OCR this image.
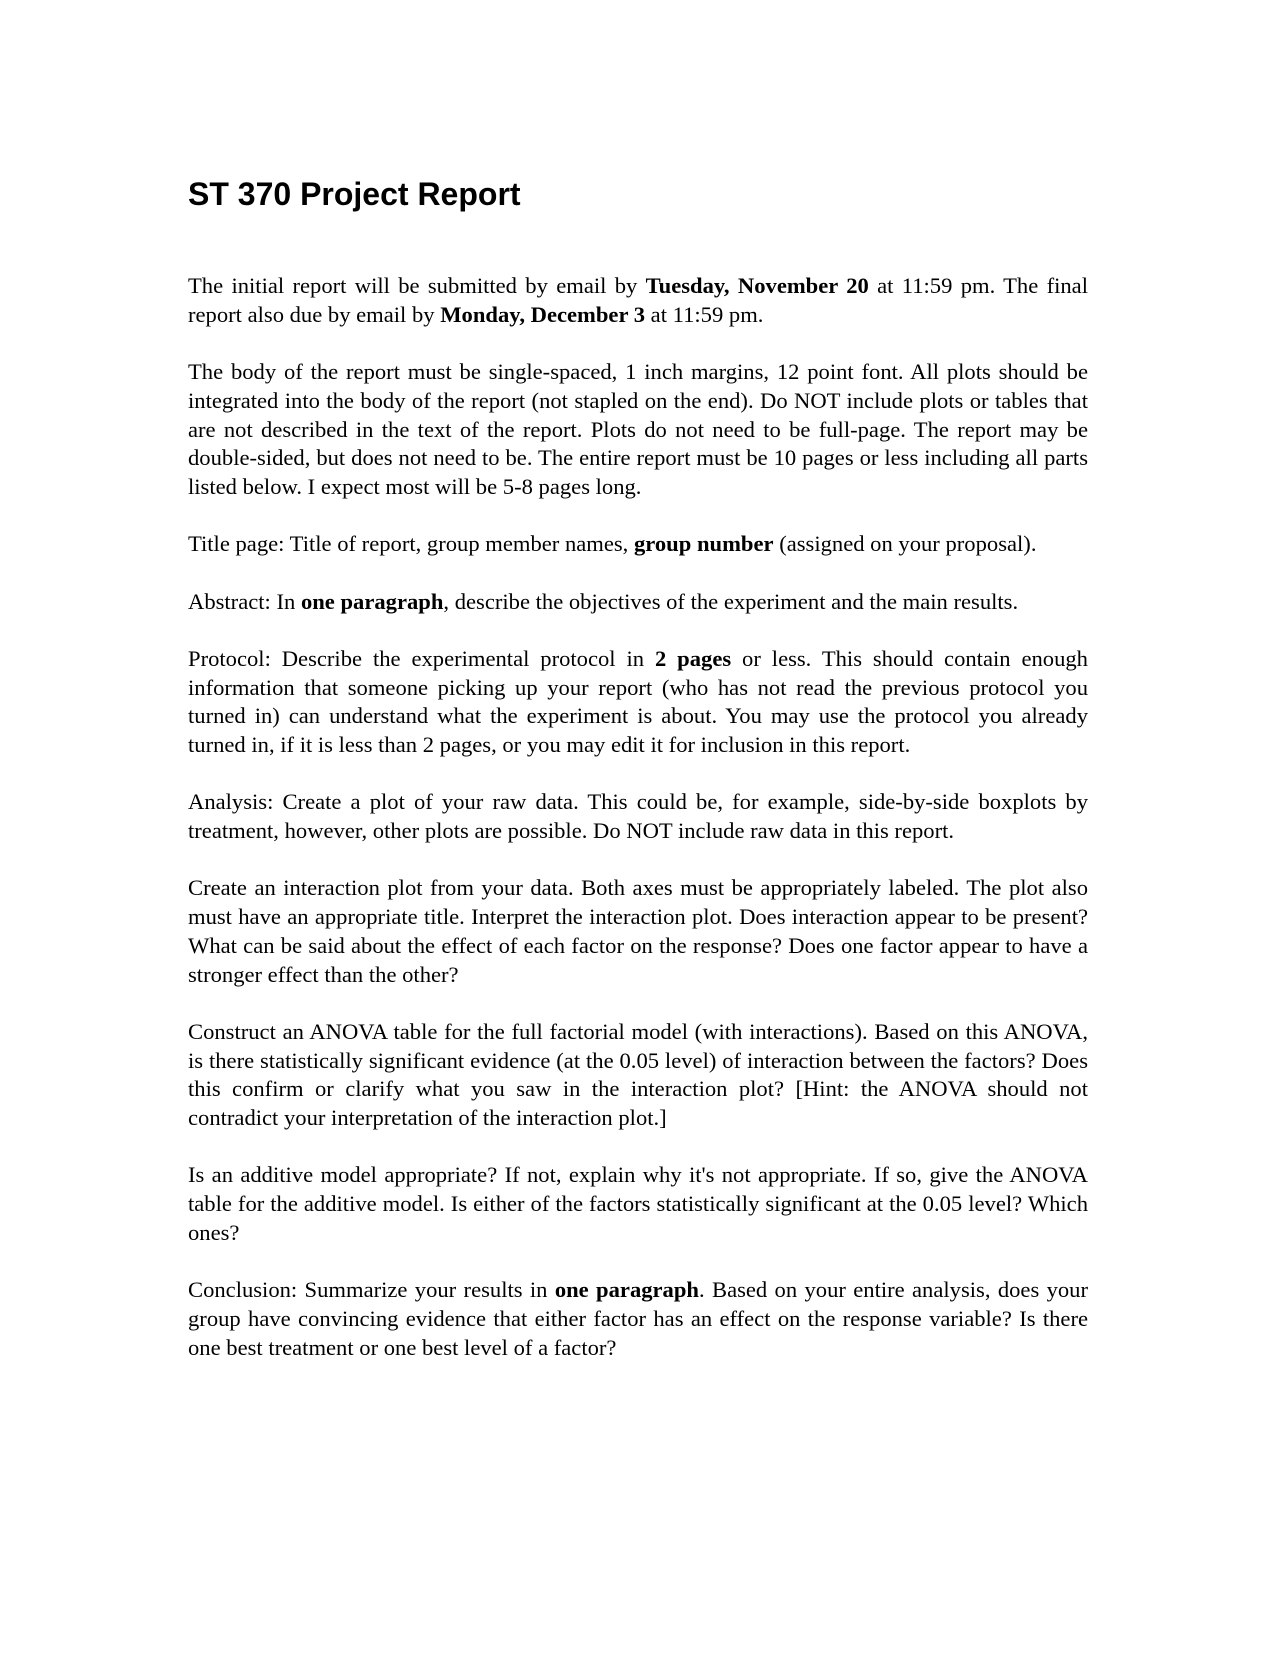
ST 370 Project Report

The initial report will be submitted by email by Tuesday, November 20 at 11:59 pm. The final report also due by email by Monday, December 3 at 11:59 pm.

The body of the report must be single-spaced, 1 inch margins, 12 point font. All plots should be integrated into the body of the report (not stapled on the end). Do NOT include plots or tables that are not described in the text of the report. Plots do not need to be full-page. The report may be double-sided, but does not need to be. The entire report must be 10 pages or less including all parts listed below. I expect most will be 5-8 pages long.

Title page: Title of report, group member names, group number (assigned on your proposal).

Abstract: In one paragraph, describe the objectives of the experiment and the main results.

Protocol: Describe the experimental protocol in 2 pages or less. This should contain enough information that someone picking up your report (who has not read the previous protocol you turned in) can understand what the experiment is about. You may use the protocol you already turned in, if it is less than 2 pages, or you may edit it for inclusion in this report.

Analysis: Create a plot of your raw data. This could be, for example, side-by-side boxplots by treatment, however, other plots are possible. Do NOT include raw data in this report.

Create an interaction plot from your data. Both axes must be appropriately labeled. The plot also must have an appropriate title. Interpret the interaction plot. Does interaction appear to be present? What can be said about the effect of each factor on the response? Does one factor appear to have a stronger effect than the other?

Construct an ANOVA table for the full factorial model (with interactions). Based on this ANOVA, is there statistically significant evidence (at the 0.05 level) of interaction between the factors? Does this confirm or clarify what you saw in the interaction plot? [Hint: the ANOVA should not contradict your interpretation of the interaction plot.]

Is an additive model appropriate? If not, explain why it's not appropriate. If so, give the ANOVA table for the additive model. Is either of the factors statistically significant at the 0.05 level? Which ones?

Conclusion: Summarize your results in one paragraph. Based on your entire analysis, does your group have convincing evidence that either factor has an effect on the response variable? Is there one best treatment or one best level of a factor?
